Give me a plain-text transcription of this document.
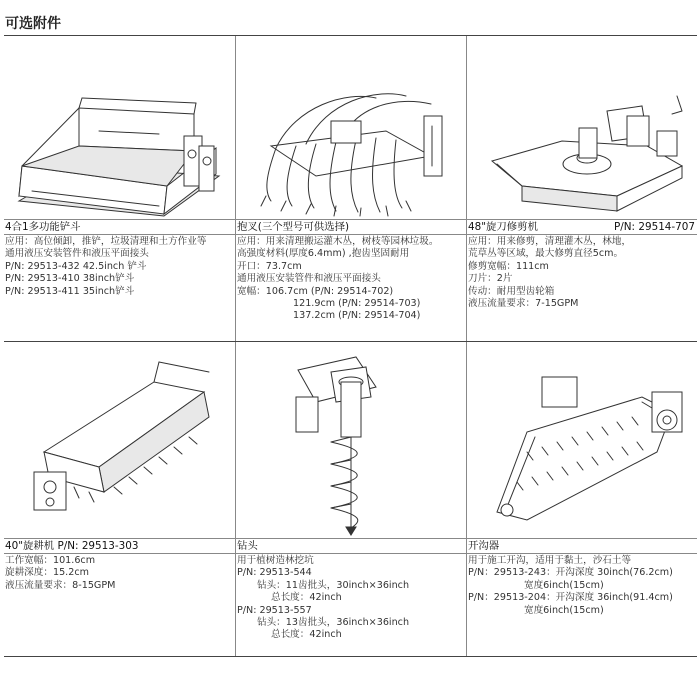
可选附件
4合1多功能铲斗
应用：高位倾卸，推铲，垃圾清理和土方作业等
通用液压安装管件和液压平面接头
P/N: 29513-432 42.5inch 铲斗
P/N: 29513-410 38inch铲斗
P/N: 29513-411 35inch铲斗
抱叉(三个型号可供选择)
应用：用来清理搬运灌木丛，树枝等园林垃圾。
高强度材料(厚度6.4mm) ,抱齿坚固耐用
开口：73.7cm
通用液压安装管件和液压平面接头
宽幅：106.7cm (P/N: 29514-702)
121.9cm (P/N: 29514-703)
137.2cm (P/N: 29514-704)
48"旋刀修剪机	P/N: 29514-707
应用：用来修剪，清理灌木丛，林地，
荒草丛等区域，最大修剪直径5cm。
修剪宽幅：111cm
刀片：2片
传动：耐用型齿轮箱
液压流量要求：7-15GPM
40"旋耕机 P/N: 29513-303
工作宽幅：101.6cm
旋耕深度：15.2cm
液压流量要求：8-15GPM
钻头
用于植树造林挖坑
P/N: 29513-544
钻头：11齿批头，30inch×36inch
总长度：42inch
P/N: 29513-557
钻头：13齿批头，36inch×36inch
总长度：42inch
开沟器
用于施工开沟，适用于黏土，沙石土等
P/N：29513-243：开沟深度 30inch(76.2cm)
宽度6inch(15cm)
P/N：29513-204：开沟深度 36inch(91.4cm)
宽度6inch(15cm)
